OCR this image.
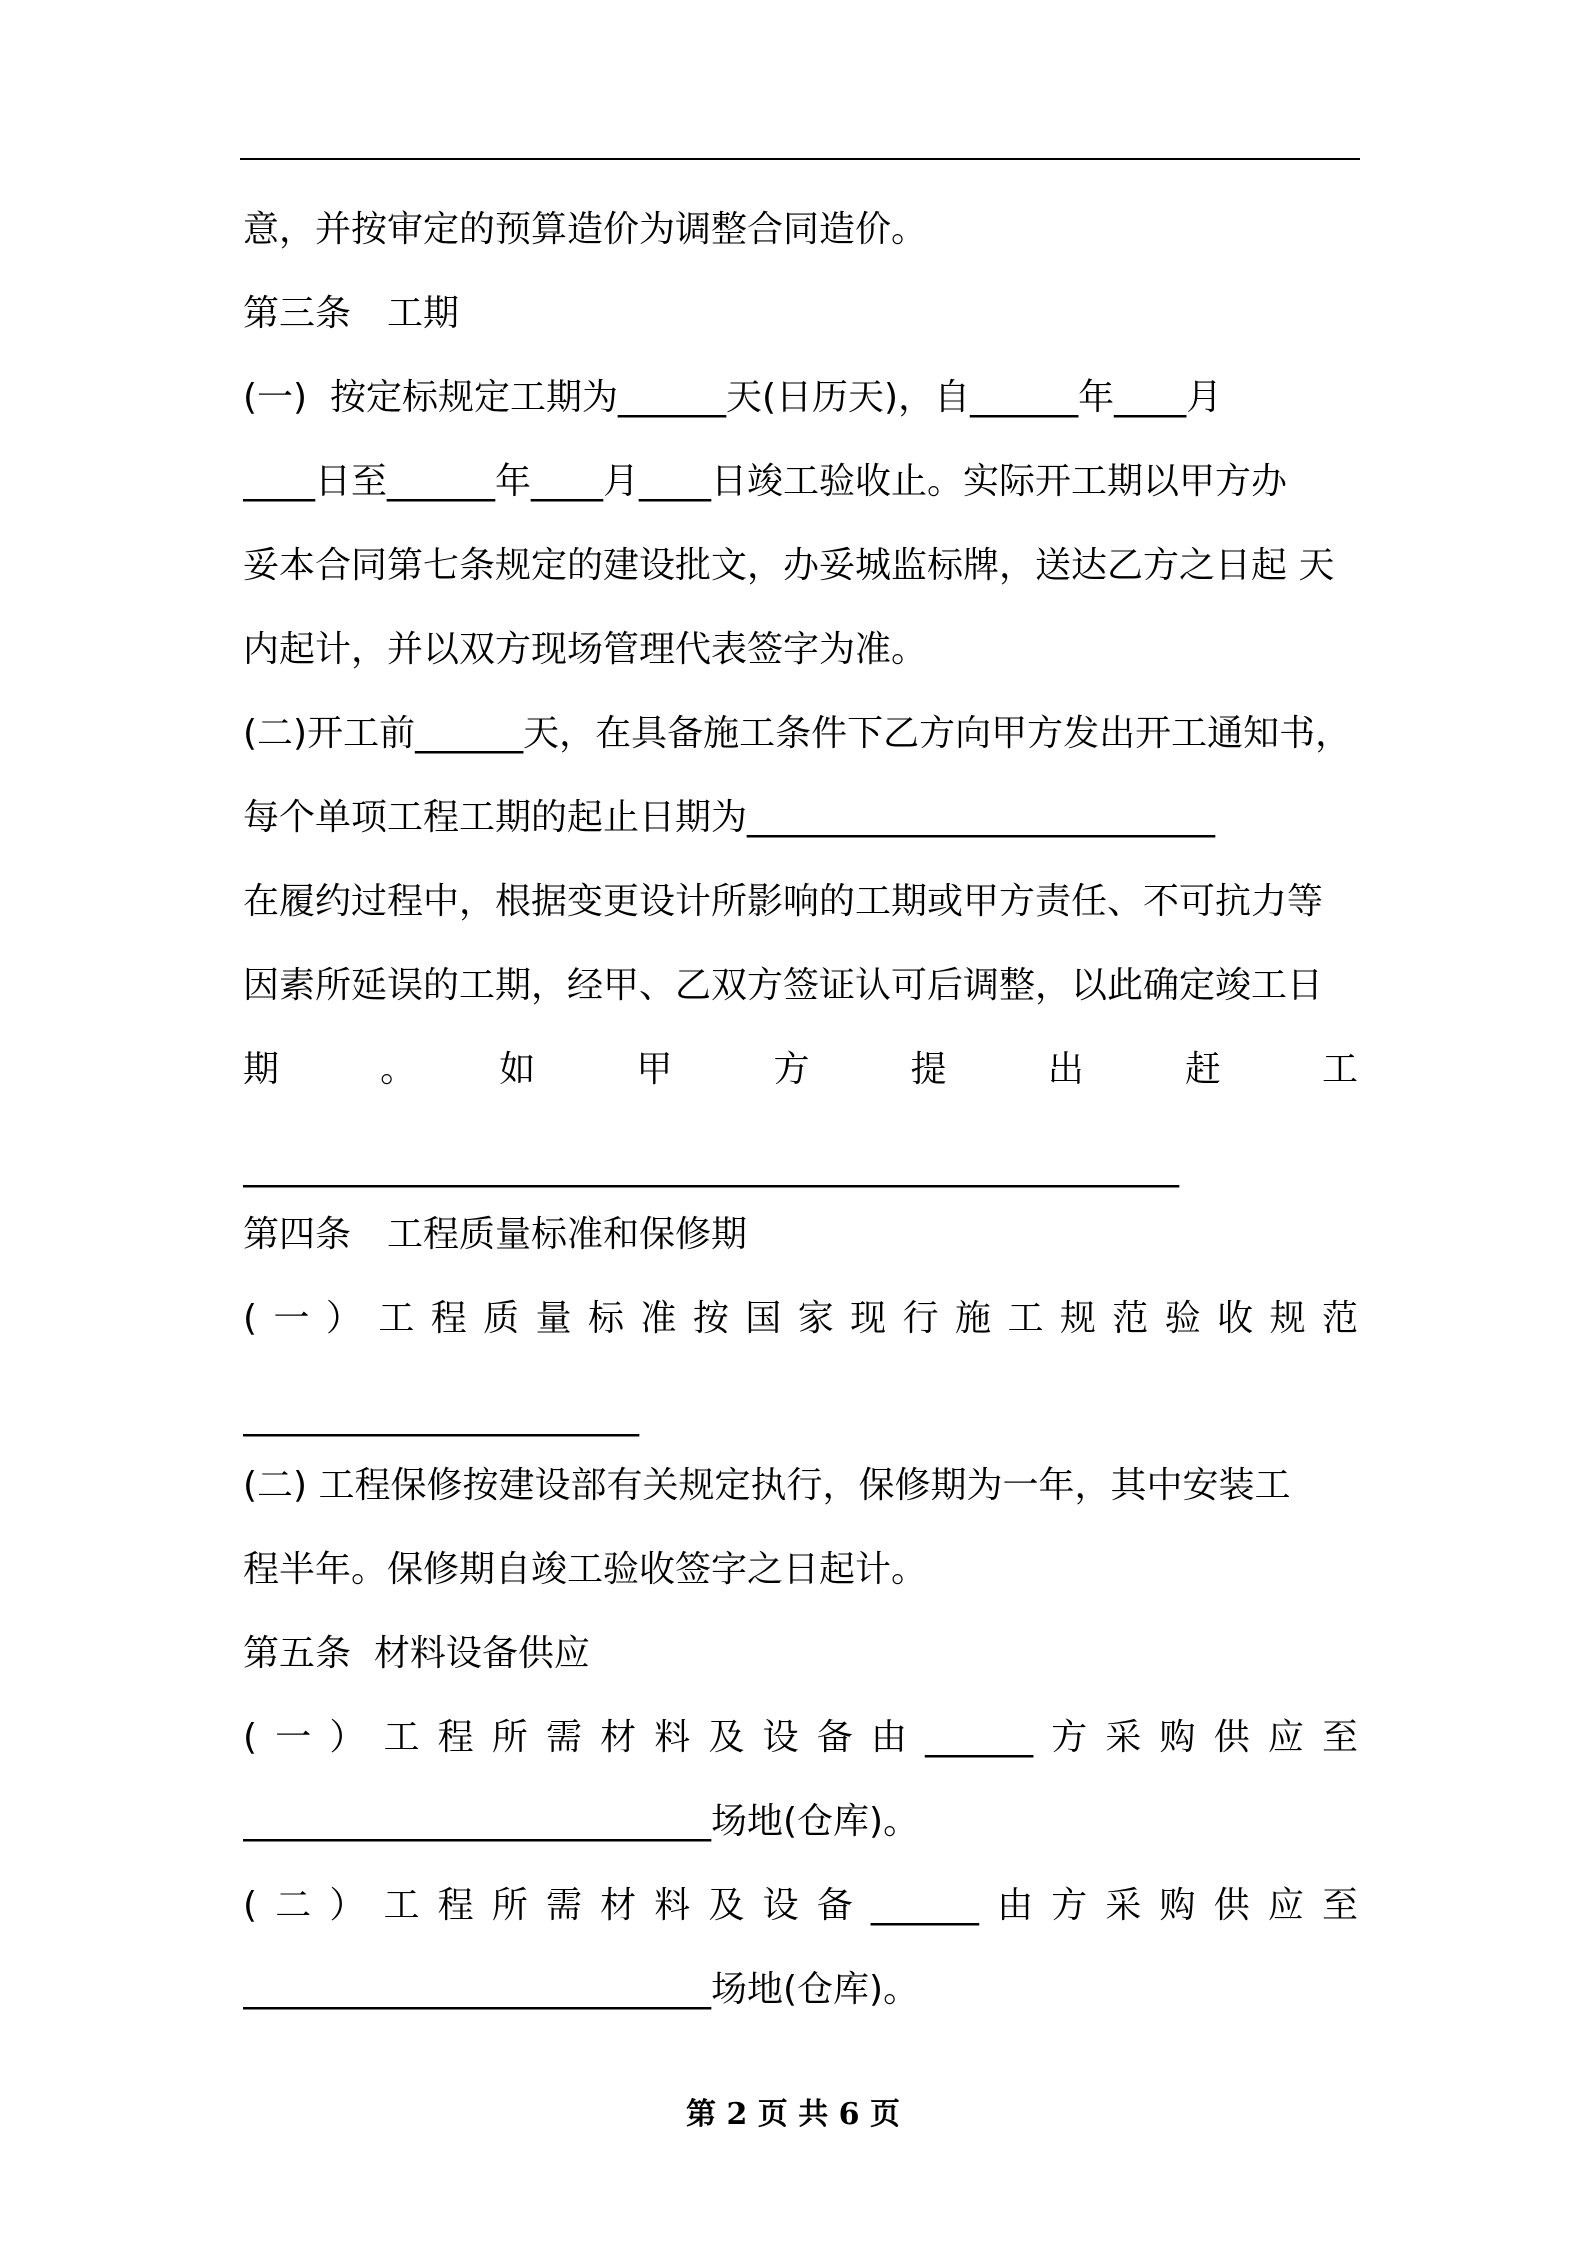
意，并按审定的预算造价为调整合同造价。
第三条　工期
(一)  按定标规定工期为______天(日历天)，自______年____月
____日至______年____月____日竣工验收止。实际开工期以甲方办
妥本合同第七条规定的建设批文，办妥城监标牌，送达乙方之日起 天
内起计，并以双方现场管理代表签字为准。
(二)开工前______天，在具备施工条件下乙方向甲方发出开工通知书，
每个单项工程工期的起止日期为__________________________
在履约过程中，根据变更设计所影响的工期或甲方责任、不可抗力等
因素所延误的工期，经甲、乙双方签证认可后调整，以此确定竣工日
期　。　如　甲　方　提　出　赶　工
____________________________________________________
第四条　工程质量标准和保修期
(一）工程质量标准按国家现行施工规范验收规范
______________________
(二) 工程保修按建设部有关规定执行，保修期为一年，其中安装工
程半年。保修期自竣工验收签字之日起计。
第五条  材料设备供应
(一）工程所需材料及设备由______方采购供应至
__________________________场地(仓库)。
(二）工程所需材料及设备______由方采购供应至
__________________________场地(仓库)。
第 2 页 共 6 页
